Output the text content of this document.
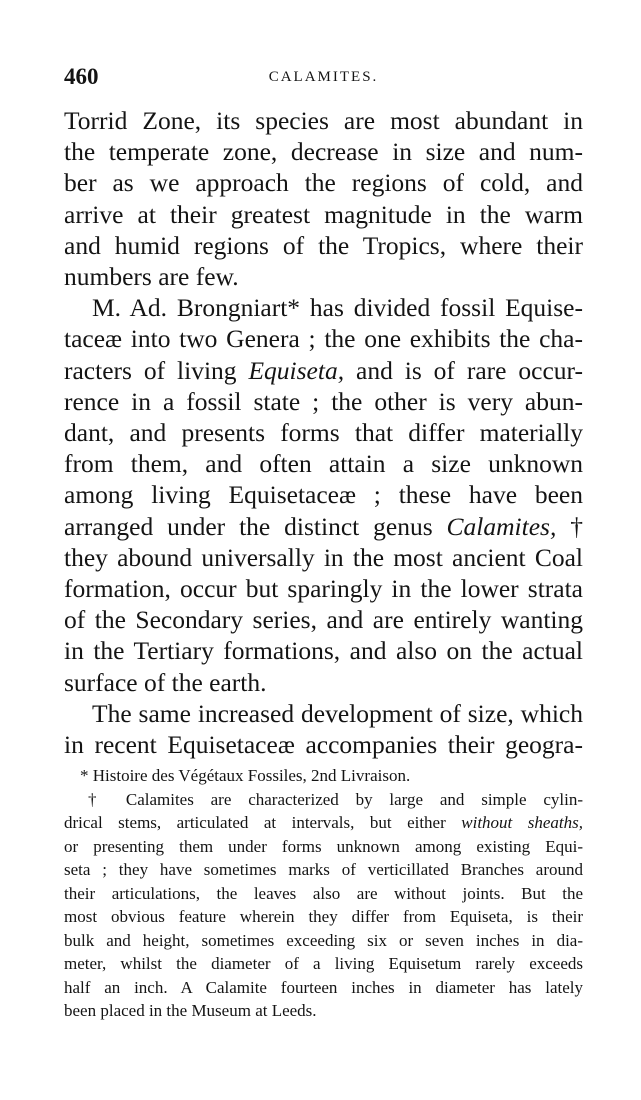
460	CALAMITES.
Torrid Zone, its species are most abundant in
the temperate zone, decrease in size and num-
ber as we approach the regions of cold, and
arrive at their greatest magnitude in the warm
and humid regions of the Tropics, where their
numbers are few.
M. Ad. Brongniart* has divided fossil Equise-
taceæ into two Genera ; the one exhibits the cha-
racters of living Equiseta, and is of rare occur-
rence in a fossil state ; the other is very abun-
dant, and presents forms that differ materially
from them, and often attain a size unknown
among living Equisetaceæ ; these have been
arranged under the distinct genus Calamites, †
they abound universally in the most ancient Coal
formation, occur but sparingly in the lower strata
of the Secondary series, and are entirely wanting
in the Tertiary formations, and also on the actual
surface of the earth.
The same increased development of size, which
in recent Equisetaceæ accompanies their geogra-
* Histoire des Végétaux Fossiles, 2nd Livraison.
† Calamites are characterized by large and simple cylin-
drical stems, articulated at intervals, but either without sheaths,
or presenting them under forms unknown among existing Equi-
seta ; they have sometimes marks of verticillated Branches around
their articulations, the leaves also are without joints. But the
most obvious feature wherein they differ from Equiseta, is their
bulk and height, sometimes exceeding six or seven inches in dia-
meter, whilst the diameter of a living Equisetum rarely exceeds
half an inch. A Calamite fourteen inches in diameter has lately
been placed in the Museum at Leeds.
